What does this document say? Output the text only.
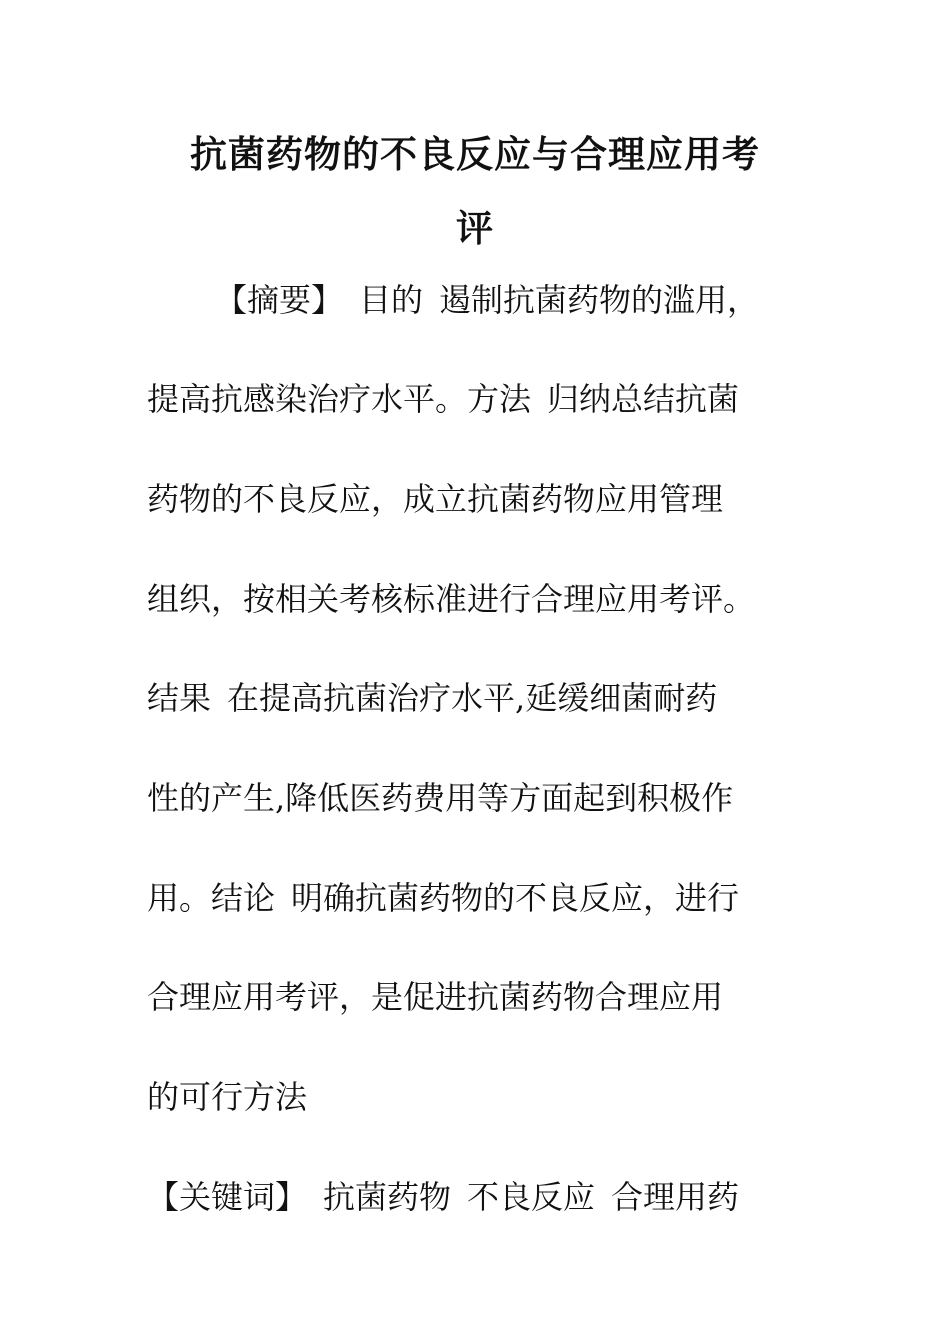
抗菌药物的不良反应与合理应用考
评
【摘要】 目的 遏制抗菌药物的滥用，
提高抗感染治疗水平。方法 归纳总结抗菌
药物的不良反应，成立抗菌药物应用管理
组织，按相关考核标准进行合理应用考评。
结果 在提高抗菌治疗水平,延缓细菌耐药
性的产生,降低医药费用等方面起到积极作
用。结论 明确抗菌药物的不良反应，进行
合理应用考评，是促进抗菌药物合理应用
的可行方法
【关键词】 抗菌药物 不良反应 合理用药
